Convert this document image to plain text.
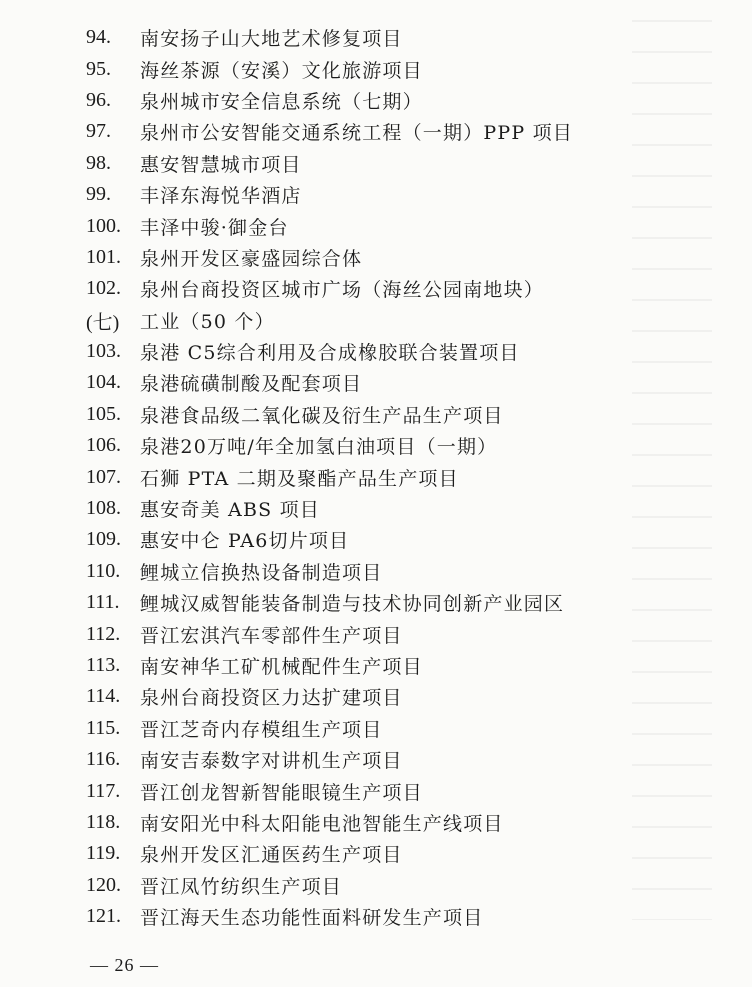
94.	南安扬子山大地艺术修复项目
95.	海丝茶源（安溪）文化旅游项目
96.	泉州城市安全信息系统（七期）
97.	泉州市公安智能交通系统工程（一期）PPP 项目
98.	惠安智慧城市项目
99.	丰泽东海悦华酒店
100.	丰泽中骏·御金台
101.	泉州开发区豪盛园综合体
102.	泉州台商投资区城市广场（海丝公园南地块）
(七)	工业（50 个）
103.	泉港 C5综合利用及合成橡胶联合装置项目
104.	泉港硫磺制酸及配套项目
105.	泉港食品级二氧化碳及衍生产品生产项目
106.	泉港20万吨/年全加氢白油项目（一期）
107.	石狮 PTA 二期及聚酯产品生产项目
108.	惠安奇美 ABS 项目
109.	惠安中仑 PA6切片项目
110.	鲤城立信换热设备制造项目
111.	鲤城汉威智能装备制造与技术协同创新产业园区
112.	晋江宏淇汽车零部件生产项目
113.	南安神华工矿机械配件生产项目
114.	泉州台商投资区力达扩建项目
115.	晋江芝奇内存模组生产项目
116.	南安吉泰数字对讲机生产项目
117.	晋江创龙智新智能眼镜生产项目
118.	南安阳光中科太阳能电池智能生产线项目
119.	泉州开发区汇通医药生产项目
120.	晋江凤竹纺织生产项目
121.	晋江海天生态功能性面料研发生产项目
— 26 —
